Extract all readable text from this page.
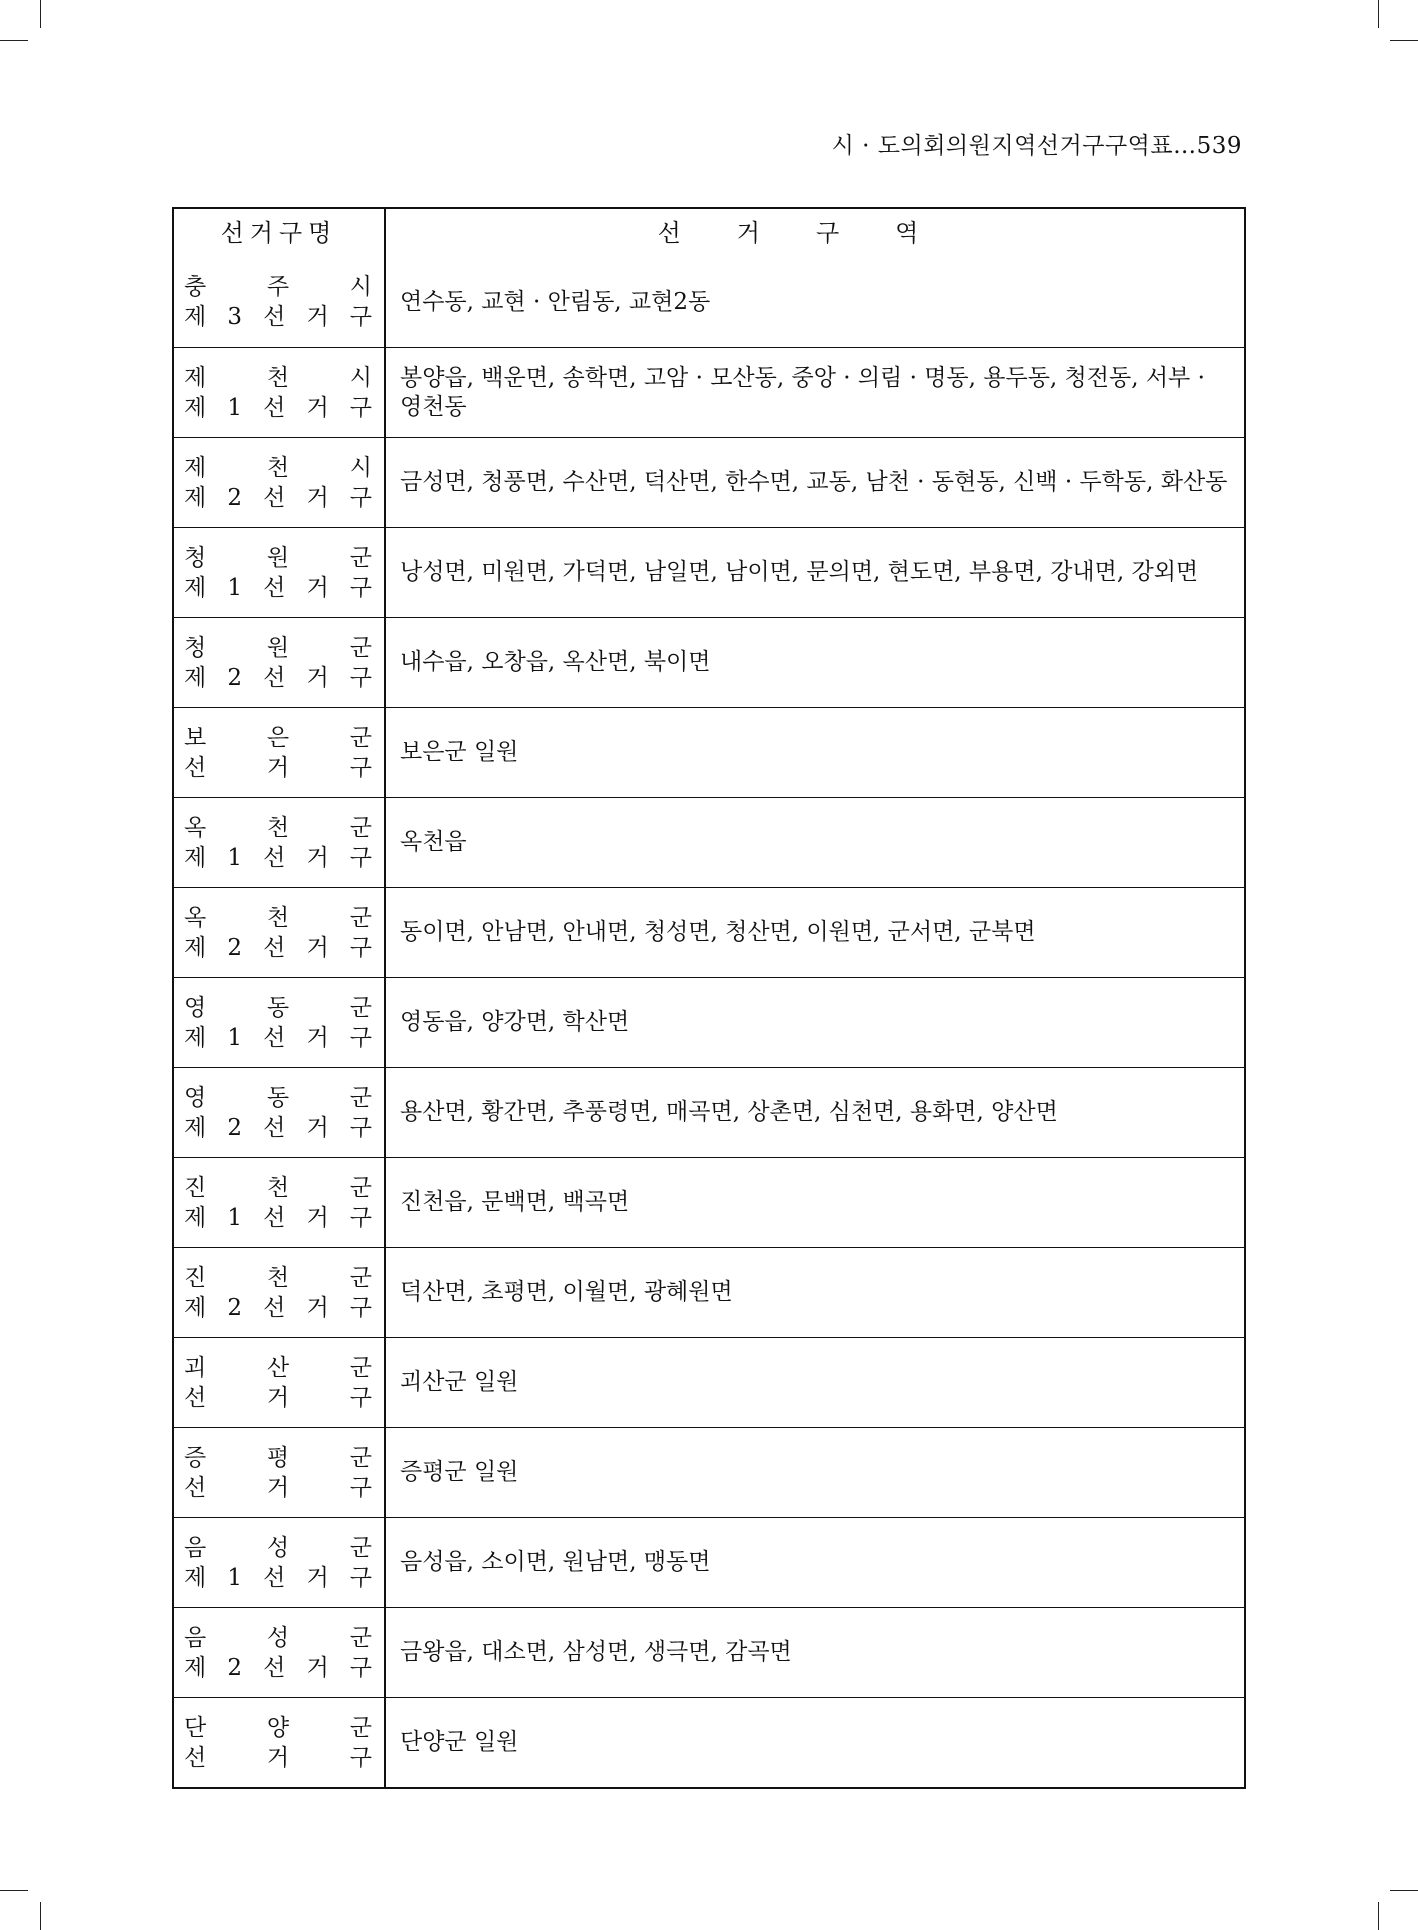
시 · 도의회의원지역선거구구역표…539
선거구명	선거구역
충 주 시
제 3 선 거 구
연수동, 교현 · 안림동, 교현2동
제 천 시
제 1 선 거 구
봉양읍, 백운면, 송학면, 고암 · 모산동, 중앙 · 의림 · 명동, 용두동, 청전동, 서부 · 영천동
제 천 시
제 2 선 거 구
금성면, 청풍면, 수산면, 덕산면, 한수면, 교동, 남천 · 동현동, 신백 · 두학동, 화산동
청 원 군
제 1 선 거 구
낭성면, 미원면, 가덕면, 남일면, 남이면, 문의면, 현도면, 부용면, 강내면, 강외면
청 원 군
제 2 선 거 구
내수읍, 오창읍, 옥산면, 북이면
보 은 군
선 거 구
보은군 일원
옥 천 군
제 1 선 거 구
옥천읍
옥 천 군
제 2 선 거 구
동이면, 안남면, 안내면, 청성면, 청산면, 이원면, 군서면, 군북면
영 동 군
제 1 선 거 구
영동읍, 양강면, 학산면
영 동 군
제 2 선 거 구
용산면, 황간면, 추풍령면, 매곡면, 상촌면, 심천면, 용화면, 양산면
진 천 군
제 1 선 거 구
진천읍, 문백면, 백곡면
진 천 군
제 2 선 거 구
덕산면, 초평면, 이월면, 광혜원면
괴 산 군
선 거 구
괴산군 일원
증 평 군
선 거 구
증평군 일원
음 성 군
제 1 선 거 구
음성읍, 소이면, 원남면, 맹동면
음 성 군
제 2 선 거 구
금왕읍, 대소면, 삼성면, 생극면, 감곡면
단 양 군
선 거 구
단양군 일원
